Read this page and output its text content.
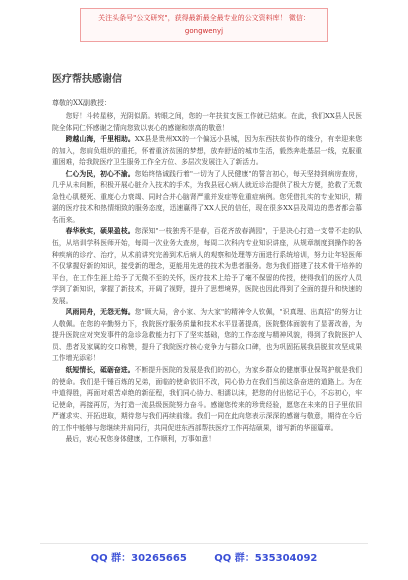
关注头条号"公文研究"，获得最新最全最专业的公文资料库！ 微信：gongwenyj
医疗帮扶感谢信
尊敬的XX副教授：

您好！斗转星移，光阴似箭。转眼之间，您的一年扶贫支医工作就已结束。在此，我们XX县人民医院全体同仁怀感谢之情向您致以衷心的感谢和崇高的敬意！

跨越山海，千里相助。XX县是贵州XX的一个偏远小县城，因为东西扶贫协作的缘分，有幸迎来您的加入，您肩负组织的重托，怀着重济贫困的梦想，放弃舒适的城市生活，毅然奔赴基层一线，克服重重困难，给我院医疗卫生服务工作全方位、多层次发展注入了新活力。

仁心为民，初心不渝。您始终恪诚践行着"一切为了人民健康"的誓言初心，每天坚持到病房查房，几乎从未间断，积极开展心脏介入技术的手术，为我县冠心病人就近诊治提供了极大方便，抢救了无数急性心肌梗死、重度心力衰竭、同时合并心脑肾严重并发症等危重症病例。您凭借扎实的专业知识，精湛的医疗技术和热情细致的服务态度，迅速赢得了XX人民的信任，现在很多XX县及周边的患者都会慕名而来。

春华秋实，硕果盈枝。您深知"一枝独秀不是春，百花齐放春满园"，于是决心打造一支带不走的队伍，从培训学科医师开始，每周一次业务大查房，每周二次科内专业知识讲座，从规章制度到操作的各种疾病的诊疗、治疗，从术前讲究完善到术后病人的观察和处理等方面进行系统培训，努力让年轻医师不仅掌握好新的知识，接受新的理念，更能用先进的技术为患者服务。您为我们搭建了技术骨干培养的平台，在工作生涯上给予了无微不至的关怀，医疗技术上给予了毫不保留的传授，使得我们的医疗人员学到了新知识，掌握了新技术，开阔了视野，提升了思想境界，医院也因此得到了全面的提升和快速的发展。

风雨同舟，无怨无悔。您"顾大局，舍小家、为大家"的精神令人钦佩，"识真理、出真招"的努力让人敬佩。在您的辛勤努力下，我院医疗服务质量和技术水平显著提高，医院整体面貌有了显著改善，为提升医院应对突发事件的急诊急救能力打下了坚实基础，您的工作态度与精神风貌，得到了我院医护人员、患者及家属的交口称赞，提升了我院医疗核心竞争力与群众口碑，也为巩固拓展我县脱贫攻坚成果工作增光添彩！

纸短情长，砥砺奋进。不断提升医院的发展是我们的初心，为家乡群众的健康事业保驾护航是我们的使命。我们是千锤百炼的兄弟，面临的使命依旧不改，同心协力在我们当前这条奋进的道路上。为在中道得胜，再面对艰苦卓绝的新征程，我们同心协力、相濡以沫，把您的付出铭记于心，不忘初心，牢记使命，再接再厉，为打造一流县级医院努力奋斗。感谢您传来的珍贵经验，愿您在未来的日子里依旧严谨求实、开拓进取，期待您与我们再续前缘。我们一同在此向您表示深深的感谢与敬意，期待在今后的工作中能够与您继续并肩同行，共同促进东西部帮扶医疗工作再结硕果，谱写新的华丽篇章。

最后，衷心祝您身体健康，工作顺利，万事如意！

QQ 群：30265665	QQ 群：535304092
